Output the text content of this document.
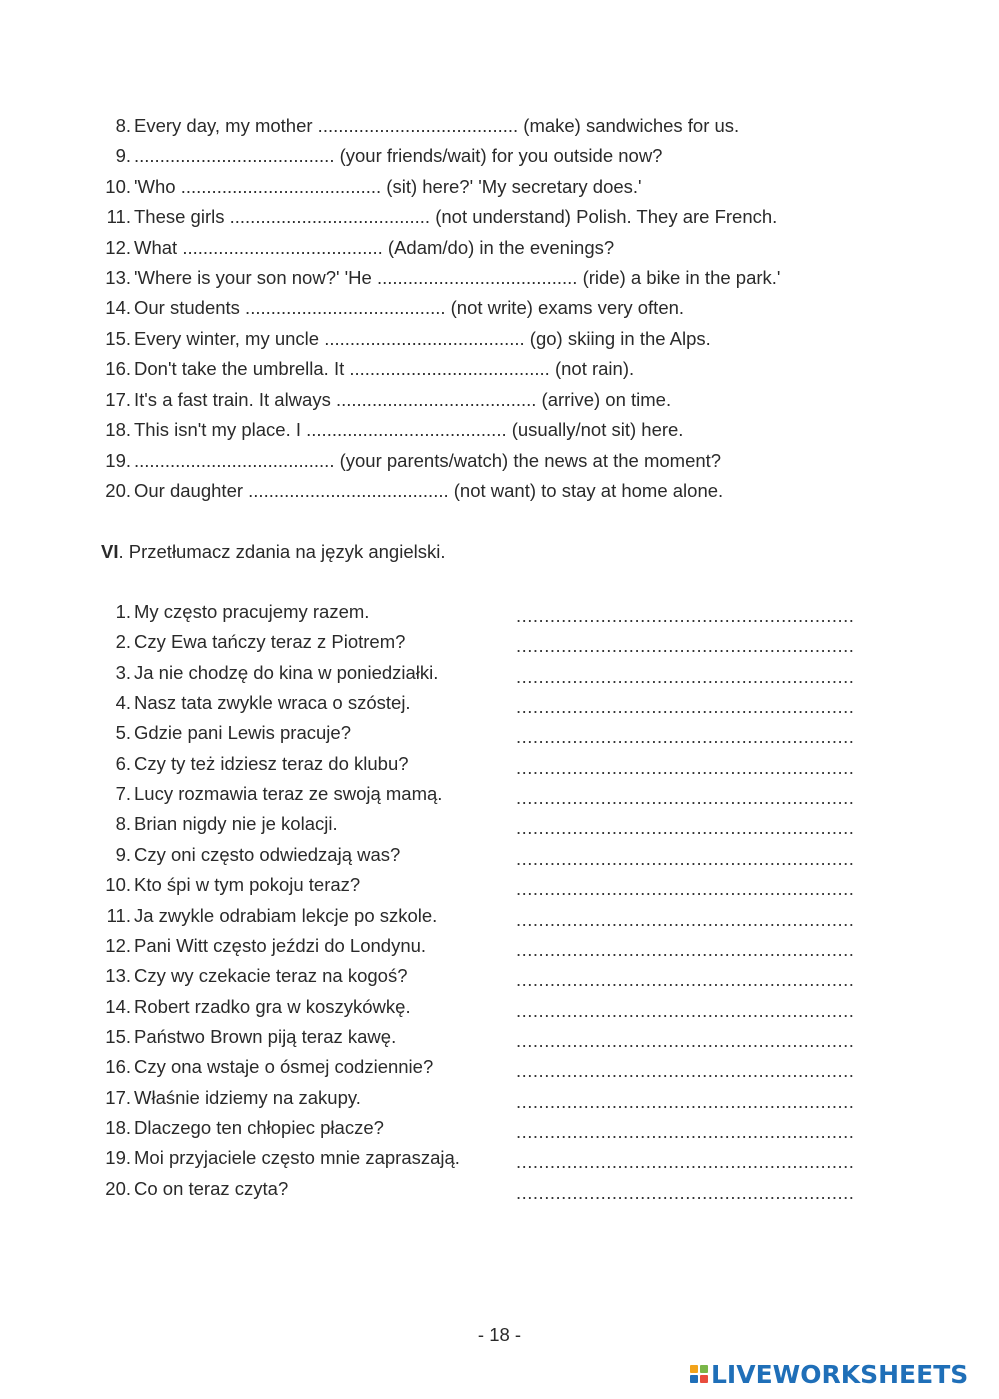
8. Every day, my mother ....................................... (make) sandwiches for us.
9. ....................................... (your friends/wait) for you outside now?
10. 'Who ....................................... (sit) here?' 'My secretary does.'
11. These girls ....................................... (not understand) Polish. They are French.
12. What ....................................... (Adam/do) in the evenings?
13. 'Where is your son now?' 'He ....................................... (ride) a bike in the park.'
14. Our students ....................................... (not write) exams very often.
15. Every winter, my uncle ....................................... (go) skiing in the Alps.
16. Don't take the umbrella. It ....................................... (not rain).
17. It's a fast train. It always ....................................... (arrive) on time.
18. This isn't my place. I ....................................... (usually/not sit) here.
19. ....................................... (your parents/watch) the news at the moment?
20. Our daughter ....................................... (not want) to stay at home alone.
VI. Przetłumacz zdania na język angielski.
1. My często pracujemy razem.	............................................................
2. Czy Ewa tańczy teraz z Piotrem?	............................................................
3. Ja nie chodzę do kina w poniedziałki.	............................................................
4. Nasz tata zwykle wraca o szóstej.	............................................................
5. Gdzie pani Lewis pracuje?	............................................................
6. Czy ty też idziesz teraz do klubu?	............................................................
7. Lucy rozmawia teraz ze swoją mamą.	............................................................
8. Brian nigdy nie je kolacji.	............................................................
9. Czy oni często odwiedzają was?	............................................................
10. Kto śpi w tym pokoju teraz?	............................................................
11. Ja zwykle odrabiam lekcje po szkole.	............................................................
12. Pani Witt często jeździ do Londynu.	............................................................
13. Czy wy czekacie teraz na kogoś?	............................................................
14. Robert rzadko gra w koszykówkę.	............................................................
15. Państwo Brown piją teraz kawę.	............................................................
16. Czy ona wstaje o ósmej codziennie?	............................................................
17. Właśnie idziemy na zakupy.	............................................................
18. Dlaczego ten chłopiec płacze?	............................................................
19. Moi przyjaciele często mnie zapraszają.	............................................................
20. Co on teraz czyta?	............................................................
- 18 -
LIVEWORKSHEETS
